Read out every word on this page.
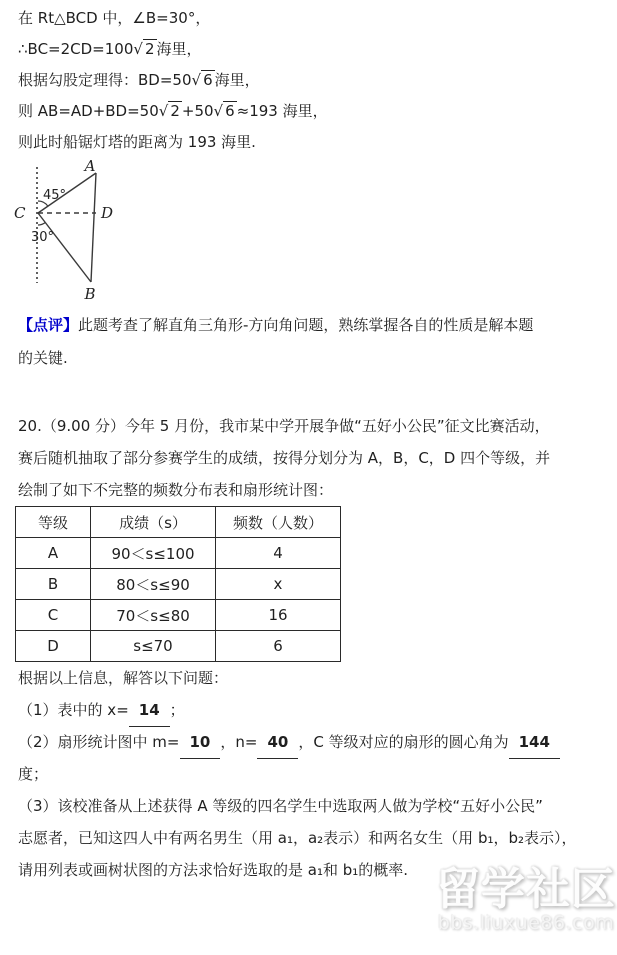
在 Rt△BCD 中，∠B=30°，
∴BC=2CD=100√ 2 海里，
根据勾股定理得：BD=50√ 6 海里，
则 AB=AD+BD=50√ 2 +50√ 6 ≈193 海里，
则此时船锯灯塔的距离为 193 海里.
A
B
C	D
45°
30°
【点评】此题考查了解直角三角形-方向角问题，熟练掌握各自的性质是解本题
的关键.
20.（9.00 分）今年 5 月份，我市某中学开展争做“五好小公民”征文比赛活动，
赛后随机抽取了部分参赛学生的成绩，按得分划分为 A，B，C，D 四个等级，并
绘制了如下不完整的频数分布表和扇形统计图：
等级	成绩（s）	频数（人数）
A	90＜s≤100	4
B	80＜s≤90	x
C	70＜s≤80	16
D	s≤70	6
根据以上信息，解答以下问题：
（1）表中的 x= 14 ；
（2）扇形统计图中 m= 10 ，n= 40 ，C 等级对应的扇形的圆心角为 144
度；
（3）该校准备从上述获得 A 等级的四名学生中选取两人做为学校“五好小公民”
志愿者，已知这四人中有两名男生（用 a₁，a₂表示）和两名女生（用 b₁，b₂表示），
请用列表或画树状图的方法求恰好选取的是 a₁和 b₁的概率. 留学社区
bbs.liuxue86.com
